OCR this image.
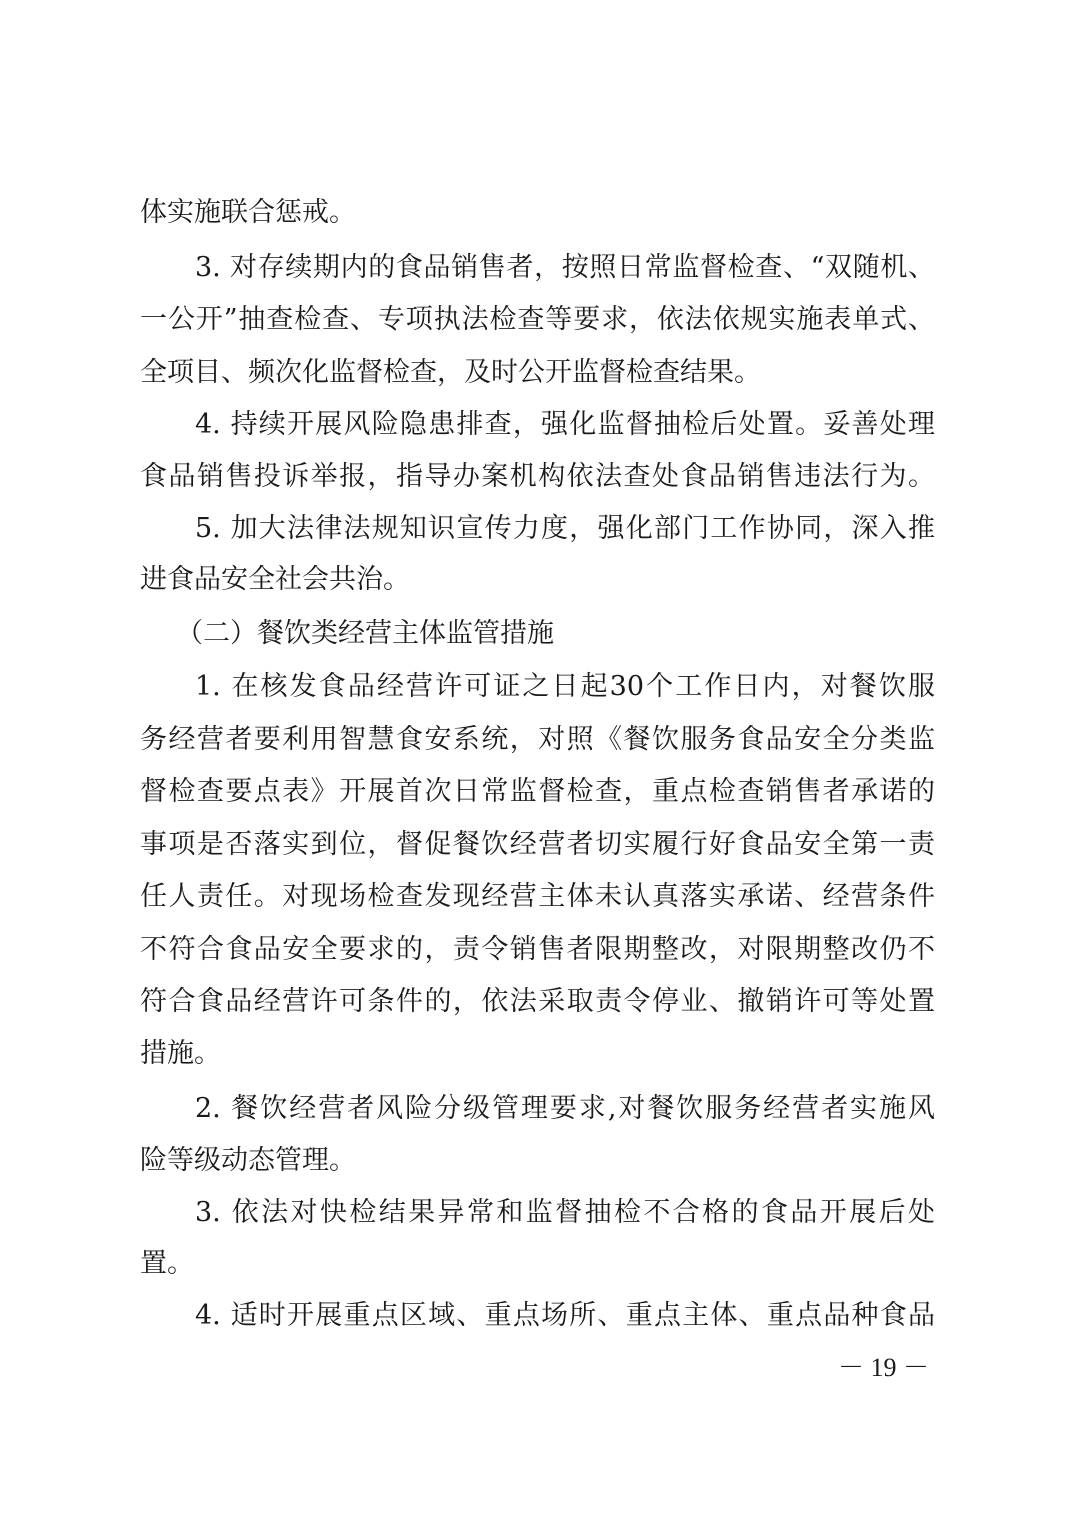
体实施联合惩戒。
3. 对存续期内的食品销售者，按照日常监督检查、“双随机、
一公开”抽查检查、专项执法检查等要求，依法依规实施表单式、
全项目、频次化监督检查，及时公开监督检查结果。
4. 持续开展风险隐患排查，强化监督抽检后处置。妥善处理
食品销售投诉举报，指导办案机构依法查处食品销售违法行为。
5. 加大法律法规知识宣传力度，强化部门工作协同，深入推
进食品安全社会共治。
（二）餐饮类经营主体监管措施
1. 在核发食品经营许可证之日起30个工作日内，对餐饮服
务经营者要利用智慧食安系统，对照《餐饮服务食品安全分类监
督检查要点表》开展首次日常监督检查，重点检查销售者承诺的
事项是否落实到位，督促餐饮经营者切实履行好食品安全第一责
任人责任。对现场检查发现经营主体未认真落实承诺、经营条件
不符合食品安全要求的，责令销售者限期整改，对限期整改仍不
符合食品经营许可条件的，依法采取责令停业、撤销许可等处置
措施。
2. 餐饮经营者风险分级管理要求,对餐饮服务经营者实施风
险等级动态管理。
3. 依法对快检结果异常和监督抽检不合格的食品开展后处
置。
4. 适时开展重点区域、重点场所、重点主体、重点品种食品
－ 19 －
